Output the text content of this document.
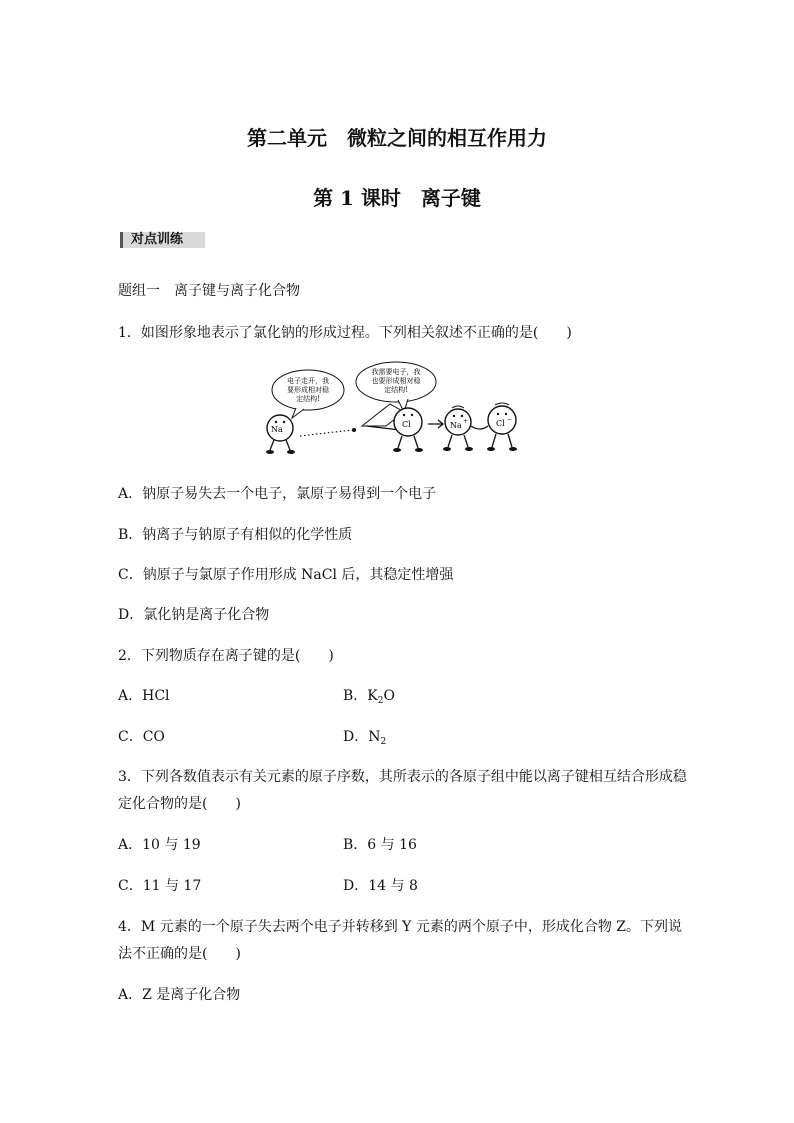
第二单元　微粒之间的相互作用力
第 1 课时　离子键
对点训练
题组一　离子键与离子化合物
1．如图形象地表示了氯化钠的形成过程。下列相关叙述不正确的是(　　)
电子走开，我
要形成相对稳
定结构!
我需要电子，我
也要形成相对稳
定结构!
Na
Cl	Na +	Cl −
A．钠原子易失去一个电子，氯原子易得到一个电子
B．钠离子与钠原子有相似的化学性质
C．钠原子与氯原子作用形成 NaCl 后，其稳定性增强
D．氯化钠是离子化合物
2．下列物质存在离子键的是(　　)
A．HCl	B．$K_2O$
C．CO	D．$N_2$
3．下列各数值表示有关元素的原子序数，其所表示的各原子组中能以离子键相互结合形成稳
定化合物的是(　　)
A．10 与 19	B．6 与 16
C．11 与 17	D．14 与 8
4．M 元素的一个原子失去两个电子并转移到 Y 元素的两个原子中，形成化合物 Z。下列说
法不正确的是(　　)
A．Z 是离子化合物
